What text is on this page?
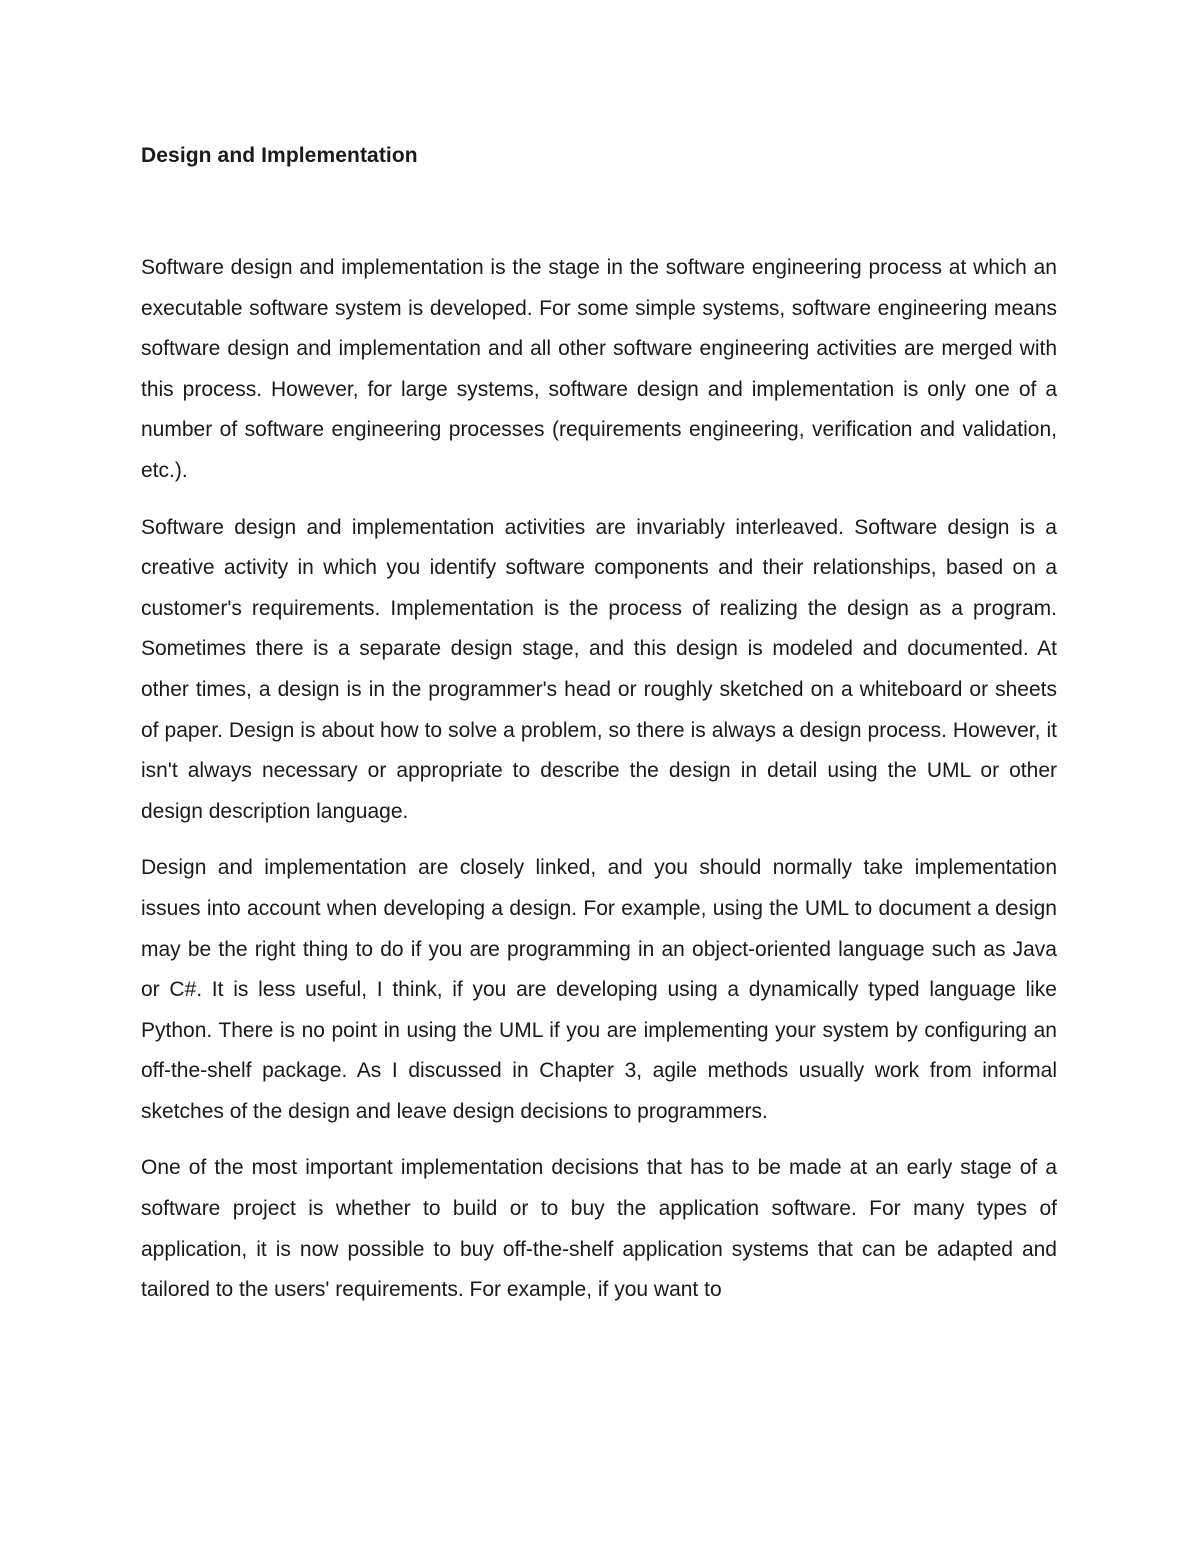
Design and Implementation

Software design and implementation is the stage in the software engineering process at which an executable software system is developed. For some simple systems, software engineering means software design and implementation and all other software engineering activities are merged with this process. However, for large systems, software design and implementation is only one of a number of software engineering processes (requirements engineering, verification and validation, etc.).

Software design and implementation activities are invariably interleaved. Software design is a creative activity in which you identify software components and their relationships, based on a customer's requirements. Implementation is the process of realizing the design as a program. Sometimes there is a separate design stage, and this design is modeled and documented. At other times, a design is in the programmer's head or roughly sketched on a whiteboard or sheets of paper. Design is about how to solve a problem, so there is always a design process. However, it isn't always necessary or appropriate to describe the design in detail using the UML or other design description language.

Design and implementation are closely linked, and you should normally take implementation issues into account when developing a design. For example, using the UML to document a design may be the right thing to do if you are programming in an object-oriented language such as Java or C#. It is less useful, I think, if you are developing using a dynamically typed language like Python. There is no point in using the UML if you are implementing your system by configuring an off-the-shelf package. As I discussed in Chapter 3, agile methods usually work from informal sketches of the design and leave design decisions to programmers.

One of the most important implementation decisions that has to be made at an early stage of a software project is whether to build or to buy the application software. For many types of application, it is now possible to buy off-the-shelf application systems that can be adapted and tailored to the users' requirements. For example, if you want to
